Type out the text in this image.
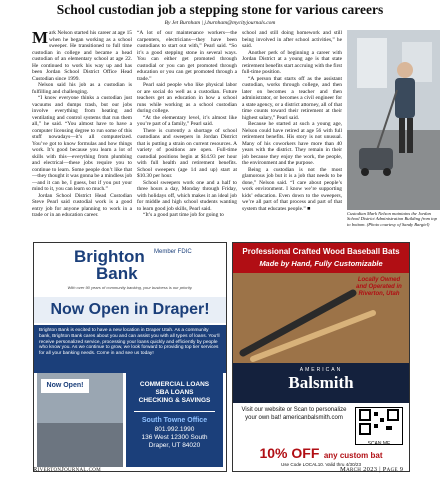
School custodian job a stepping stone for various careers
By Jet Burnham | j.burnham@mycityjournals.com

Mark Nelson started his career at age 15 when he began working as a school sweeper. He transitioned to full time custodian in college and became a head custodian of an elementary school at age 22. He continued to work his way up and has been Jordan School District Office Head Custodian since 1999.

Nelson said his job as a custodian is fulfilling and challenging.

“I know everyone thinks a custodian just vacuums and dumps trash, but our jobs involve everything from heating and ventilating and control systems that run them all,” he said. “You almost have to have a computer licensing degree to run some of this stuff nowadays—it’s all computerized. You’ve got to know formulas and how things work. It’s good because you learn a lot of skills with this—everything from plumbing and electrical—these jobs require you to continue to learn. Some people don’t like that—they thought it was gonna be a mindless job—and it can be, I guess, but if you put your mind to it, you can learn so much.”

Jordan School District Head Custodian Steve Pearl said custodial work is a good entry job for anyone planning to work in a trade or in an education career.

“A lot of our maintenance workers—the carpenters, electricians—they have been custodians to start out with,” Pearl said. “So it’s a good stepping stone in several ways. You can either get promoted through custodial or you can get promoted through education or you can get promoted through a trade.”

Pearl said people who like physical labor or are social do well as a custodian. Future teachers get an education in how a school runs while working as a school custodian during college.

“At the elementary level, it’s almost like you’re part of a family,” Pearl said.

There is currently a shortage of school custodians and sweepers in Jordan District that is putting a strain on current resources. A variety of positions are open. Full-time custodial positions begin at $14.93 per hour with full health and retirement benefits. School sweepers (age 14 and up) start at $10.30 per hour.

School sweepers work one and a half to three hours a day, Monday through Friday, with holidays off, which makes it an ideal job for middle and high school students wanting to learn good job skills, Pearl said.

“It’s a good part time job for going to

school and still doing homework and still being involved in after school activities,” he said.

Another perk of beginning a career with Jordan District at a young age is that state retirement benefits start accruing with the first full-time position.

“A person that starts off as the assistant custodian, works through college, and then later on becomes a teacher and then administrator, or becomes a civil engineer for a state agency, or a district attorney, all of that time counts toward their retirement at their highest salary,” Pearl said.

Because he started at such a young age, Nelson could have retired at age 56 with full retirement benefits. His story is not unusual. Many of his coworkers have more than 40 years with the district. They remain in their job because they enjoy the work, the people, the environment and the purpose.

Being a custodian is not the most glamorous job but it is a job that needs to be done,” Nelson said. “I care about people’s work environment. I know we’re supporting kids’ education. Even down to the sweepers, we’re all part of that process and part of that system that educates people.” ■

Custodian Mark Nelson maintains the Jordan School District Administration Building from top to bottom. (Photo courtesy of Sandy Bargiel)
Brighton Member FDIC
Bank
With over 90 years of community banking, your business is our priority.
Now Open in Draper!
Brighton Bank is excited to have a new location in Draper Utah. As a community bank, Brighton Bank cares about you and can assist you with all types of loans. You’ll receive personalized service, processing your loans quickly and efficiently by people who know you. As we continue to grow, we look forward to providing top tier services for all your banking needs. Come in and see us today!
Now Open!	COMMERCIAL LOANS
SBA LOANS
CHECKING & SAVINGS
South Towne Office
801.992.1990
136 West 12300 South
Draper, UT 84020
Professional Crafted Wood Baseball Bats
Made by Hand, Fully Customizable
Locally Owned and Operated in Riverton, Utah
AMERICAN
Balsmith
Visit our website or Scan to personalize your own bat! americanbalsmith.com
SCAN ME
10% OFF any custom bat
Use Code LOCAL10. Valid thru 4/30/23
RivertonJournal.com	March 2023 | Page 9
